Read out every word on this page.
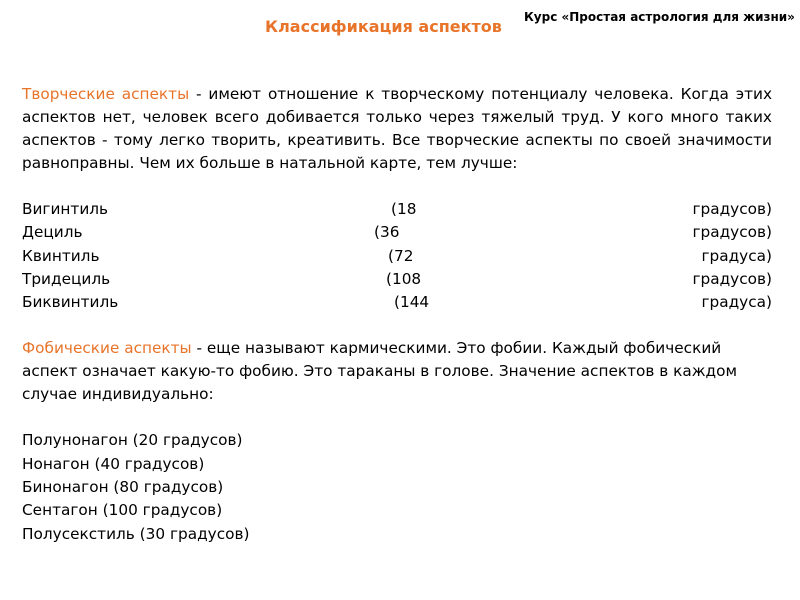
Курс «Простая астрология для жизни»
Классификация аспектов

Творческие аспекты - имеют отношение к творческому потенциалу человека. Когда этих аспектов нет, человек всего добивается только через тяжелый труд. У кого много таких аспектов - тому легко творить, креативить. Все творческие аспекты по своей значимости равноправны. Чем их больше в натальной карте, тем лучше:

Вигинтиль	(18	градусов)
Дециль	(36	градусов)
Квинтиль	(72	градуса)
Тридециль	(108	градусов)
Биквинтиль	(144	градуса)

Фобические аспекты - еще называют кармическими. Это фобии. Каждый фобический аспект означает какую-то фобию. Это тараканы в голове. Значение аспектов в каждом случае индивидуально:

Полунонагон (20 градусов)
Нонагон (40 градусов)
Бинонагон (80 градусов)
Сентагон (100 градусов)
Полусекстиль (30 градусов)
